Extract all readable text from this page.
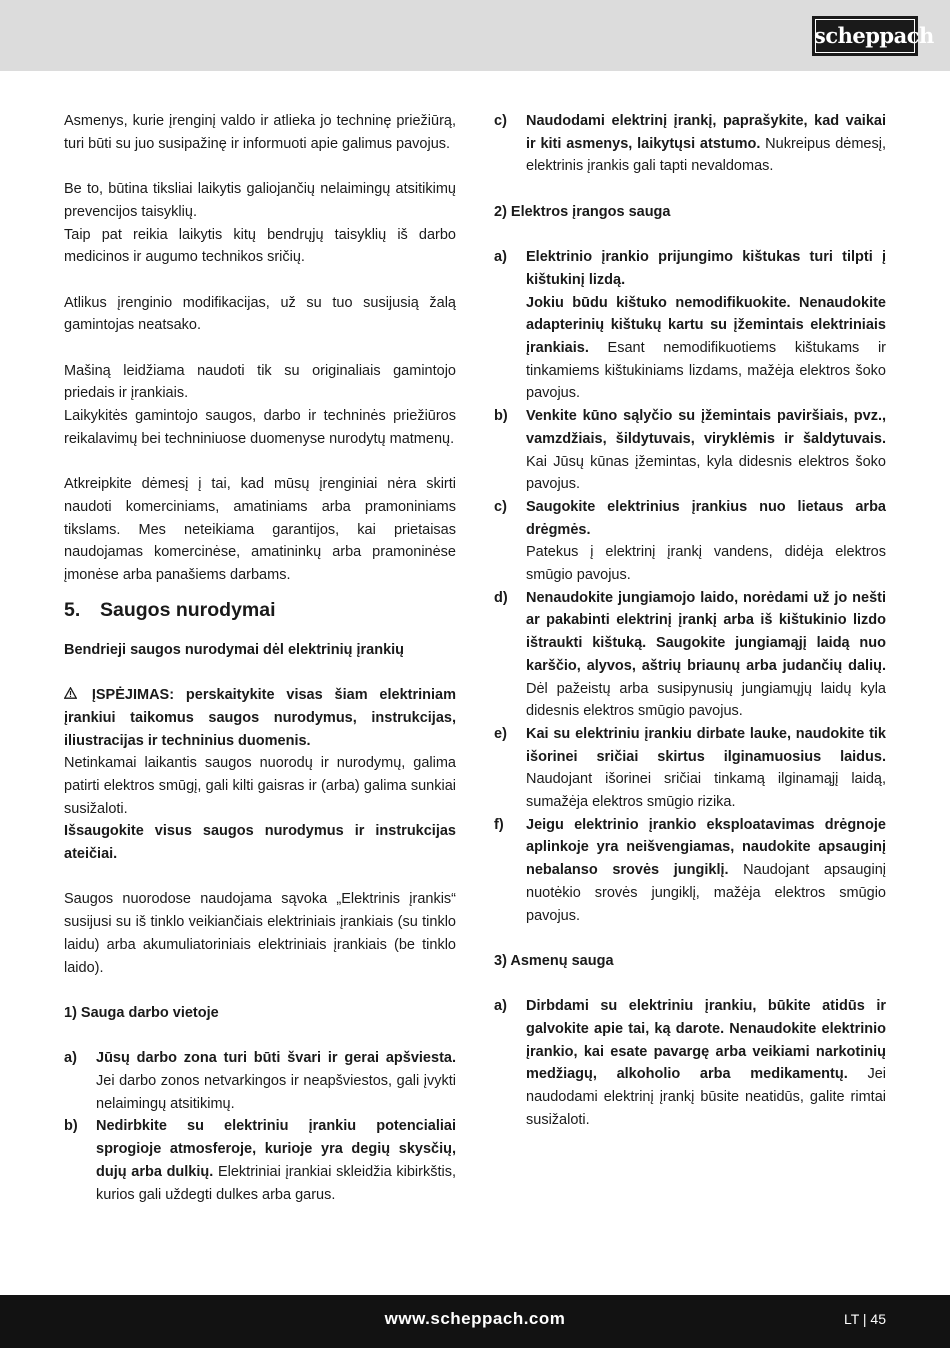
scheppach

Asmenys, kurie įrenginį valdo ir atlieka jo techninę priežiūrą, turi būti su juo susipažinę ir informuoti apie galimus pavojus.

Be to, būtina tiksliai laikytis galiojančių nelaimingų atsitikimų prevencijos taisyklių.

Taip pat reikia laikytis kitų bendrųjų taisyklių iš darbo medicinos ir augumo technikos sričių.

Atlikus įrenginio modifikacijas, už su tuo susijusią žalą gamintojas neatsako.

Mašiną leidžiama naudoti tik su originaliais gamintojo priedais ir įrankiais.

Laikykitės gamintojo saugos, darbo ir techninės priežiūros reikalavimų bei techniniuose duomenyse nurodytų matmenų.

Atkreipkite dėmesį į tai, kad mūsų įrenginiai nėra skirti naudoti komerciniams, amatiniams arba pramoniniams tikslams. Mes neteikiama garantijos, kai prietaisas naudojamas komercinėse, amatininkų arba pramoninėse įmonėse arba panašiems darbams.

5. Saugos nurodymai

Bendrieji saugos nurodymai dėl elektrinių įrankių

ĮSPĖJIMAS: perskaitykite visas šiam elektriniam įrankiui taikomus saugos nurodymus, instrukcijas, iliustracijas ir techninius duomenis.

Netinkamai laikantis saugos nuorodų ir nurodymų, galima patirti elektros smūgį, gali kilti gaisras ir (arba) galima sunkiai susižaloti.

Išsaugokite visus saugos nurodymus ir instrukcijas ateičiai.

Saugos nuorodose naudojama sąvoka „Elektrinis įrankis“ susijusi su iš tinklo veikiančiais elektriniais įrankiais (su tinklo laidu) arba akumuliatoriniais elektriniais įrankiais (be tinklo laido).

1) Sauga darbo vietoje

a) Jūsų darbo zona turi būti švari ir gerai apšviesta. Jei darbo zonos netvarkingos ir neapšviestos, gali įvykti nelaimingų atsitikimų.
b) Nedirbkite su elektriniu įrankiu potencialiai sprogioje atmosferoje, kurioje yra degių skysčių, dujų arba dulkių. Elektriniai įrankiai skleidžia kibirkštis, kurios gali uždegti dulkes arba garus.
c) Naudodami elektrinį įrankį, paprašykite, kad vaikai ir kiti asmenys, laikytųsi atstumo. Nukreipus dėmesį, elektrinis įrankis gali tapti nevaldomas.

2) Elektros įrangos sauga

a) Elektrinio įrankio prijungimo kištukas turi tilpti į kištukinį lizdą.
Jokiu būdu kištuko nemodifikuokite. Nenaudokite adapterinių kištukų kartu su įžemintais elektriniais įrankiais. Esant nemodifikuotiems kištukams ir tinkamiems kištukiniams lizdams, mažėja elektros šoko pavojus.
b) Venkite kūno sąlyčio su įžemintais paviršiais, pvz., vamzdžiais, šildytuvais, viryklėmis ir šaldytuvais. Kai Jūsų kūnas įžemintas, kyla didesnis elektros šoko pavojus.
c) Saugokite elektrinius įrankius nuo lietaus arba drėgmės.
Patekus į elektrinį įrankį vandens, didėja elektros smūgio pavojus.
d) Nenaudokite jungiamojo laido, norėdami už jo nešti ar pakabinti elektrinį įrankį arba iš kištukinio lizdo ištraukti kištuką. Saugokite jungiamąjį laidą nuo karščio, alyvos, aštrių briaunų arba judančių dalių. Dėl pažeistų arba susipynusių jungiamųjų laidų kyla didesnis elektros smūgio pavojus.
e) Kai su elektriniu įrankiu dirbate lauke, naudokite tik išorinei sričiai skirtus ilginamuosius laidus. Naudojant išorinei sričiai tinkamą ilginamąjį laidą, sumažėja elektros smūgio rizika.
f) Jeigu elektrinio įrankio eksploatavimas drėgnoje aplinkoje yra neišvengiamas, naudokite apsauginį nebalanso srovės jungiklį. Naudojant apsauginį nuotėkio srovės jungiklį, mažėja elektros smūgio pavojus.

3) Asmenų sauga

a) Dirbdami su elektriniu įrankiu, būkite atidūs ir galvokite apie tai, ką darote. Nenaudokite elektrinio įrankio, kai esate pavargę arba veikiami narkotinių medžiagų, alkoholio arba medikamentų. Jei naudodami elektrinį įrankį būsite neatidūs, galite rimtai susižaloti.
www.scheppach.com	LT | 45
